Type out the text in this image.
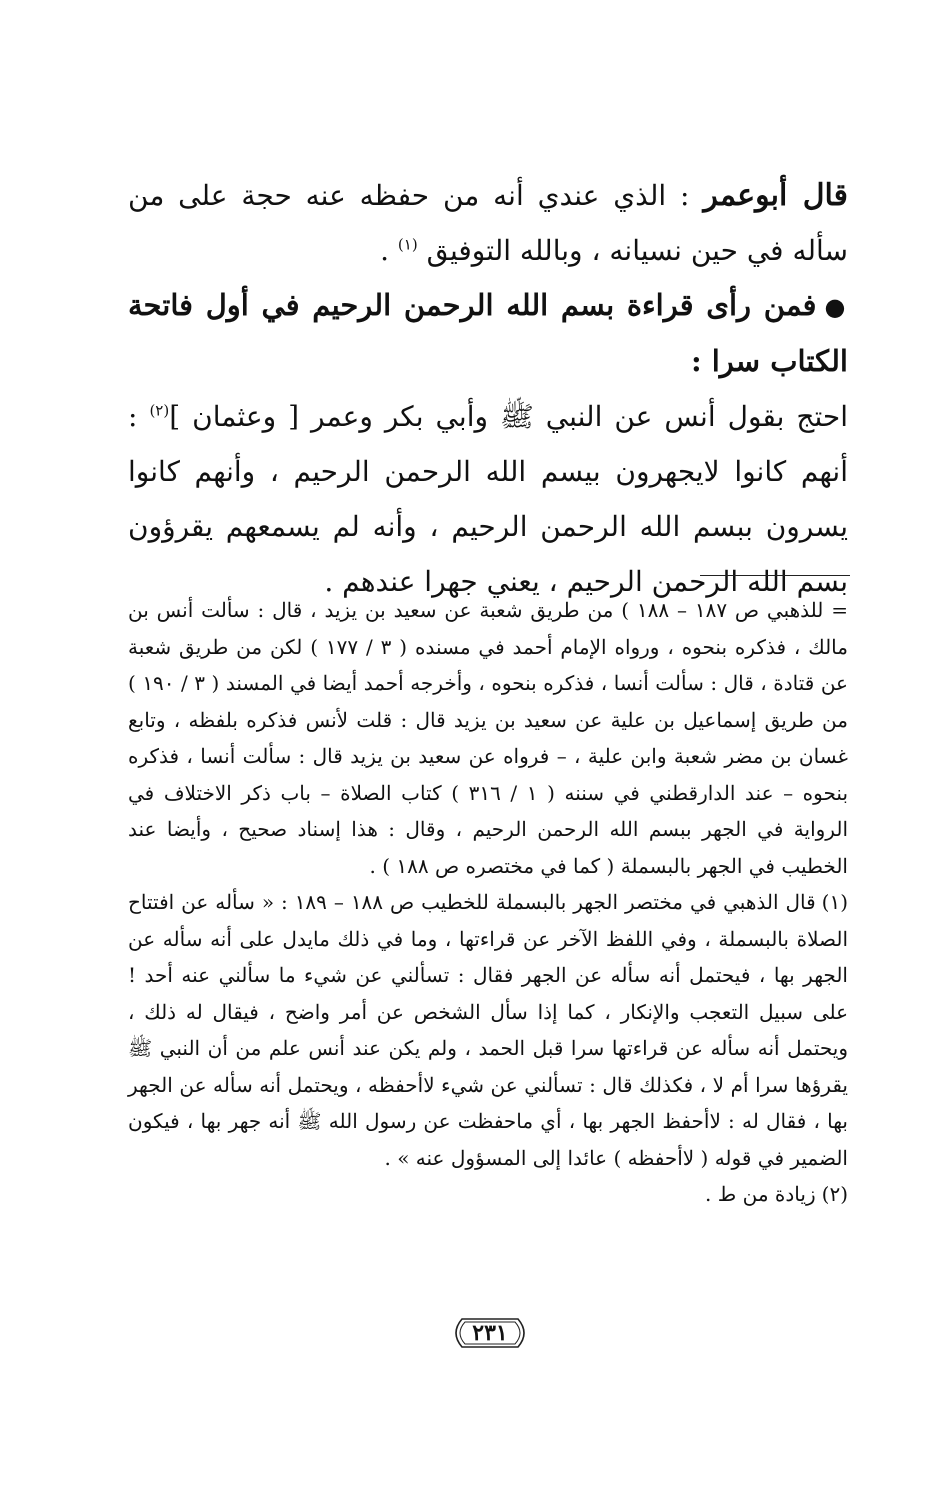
قال أبوعمر : الذي عندي أنه من حفظه عنه حجة على من سأله في حين نسيانه ، وبالله التوفيق $^{(١)}$ .

●فمن رأى قراءة بسم الله الرحمن الرحيم في أول فاتحة الكتاب سرا :

احتج بقول أنس عن النبي ﷺ وأبي بكر وعمر [ وعثمان ]$^{(٢)}$ : أنهم كانوا لايجهرون بيسم الله الرحمن الرحيم ، وأنهم كانوا يسرون ببسم الله الرحمن الرحيم ، وأنه لم يسمعهم يقرؤون بسم الله الرحمن الرحيم ، يعني جهرا عندهم .

= للذهبي ص ١٨٧ – ١٨٨ ) من طريق شعبة عن سعيد بن يزيد ، قال : سألت أنس بن مالك ، فذكره بنحوه ، ورواه الإمام أحمد في مسنده ( ٣ / ١٧٧ ) لكن من طريق شعبة عن قتادة ، قال : سألت أنسا ، فذكره بنحوه ، وأخرجه أحمد أيضا في المسند ( ٣ / ١٩٠ ) من طريق إسماعيل بن علية عن سعيد بن يزيد قال : قلت لأنس فذكره بلفظه ، وتابع غسان بن مضر شعبة وابن علية ، – فرواه عن سعيد بن يزيد قال : سألت أنسا ، فذكره بنحوه – عند الدارقطني في سننه ( ١ / ٣١٦ ) كتاب الصلاة – باب ذكر الاختلاف في الرواية في الجهر ببسم الله الرحمن الرحيم ، وقال : هذا إسناد صحيح ، وأيضا عند الخطيب في الجهر بالبسملة ( كما في مختصره ص ١٨٨ ) .

(١)قال الذهبي في مختصر الجهر بالبسملة للخطيب ص ١٨٨ – ١٨٩ : « سأله عن افتتاح الصلاة بالبسملة ، وفي اللفظ الآخر عن قراءتها ، وما في ذلك مايدل على أنه سأله عن الجهر بها ، فيحتمل أنه سأله عن الجهر فقال : تسألني عن شيء ما سألني عنه أحد ! على سبيل التعجب والإنكار ، كما إذا سأل الشخص عن أمر واضح ، فيقال له ذلك ، ويحتمل أنه سأله عن قراءتها سرا قبل الحمد ، ولم يكن عند أنس علم من أن النبي ﷺ يقرؤها سرا أم لا ، فكذلك قال : تسألني عن شيء لاأحفظه ، ويحتمل أنه سأله عن الجهر بها ، فقال له : لاأحفظ الجهر بها ، أي ماحفظت عن رسول الله ﷺ أنه جهر بها ، فيكون الضمير في قوله ( لاأحفظه ) عائدا إلى المسؤول عنه » .

(٢)زيادة من ط .

٢٣١
